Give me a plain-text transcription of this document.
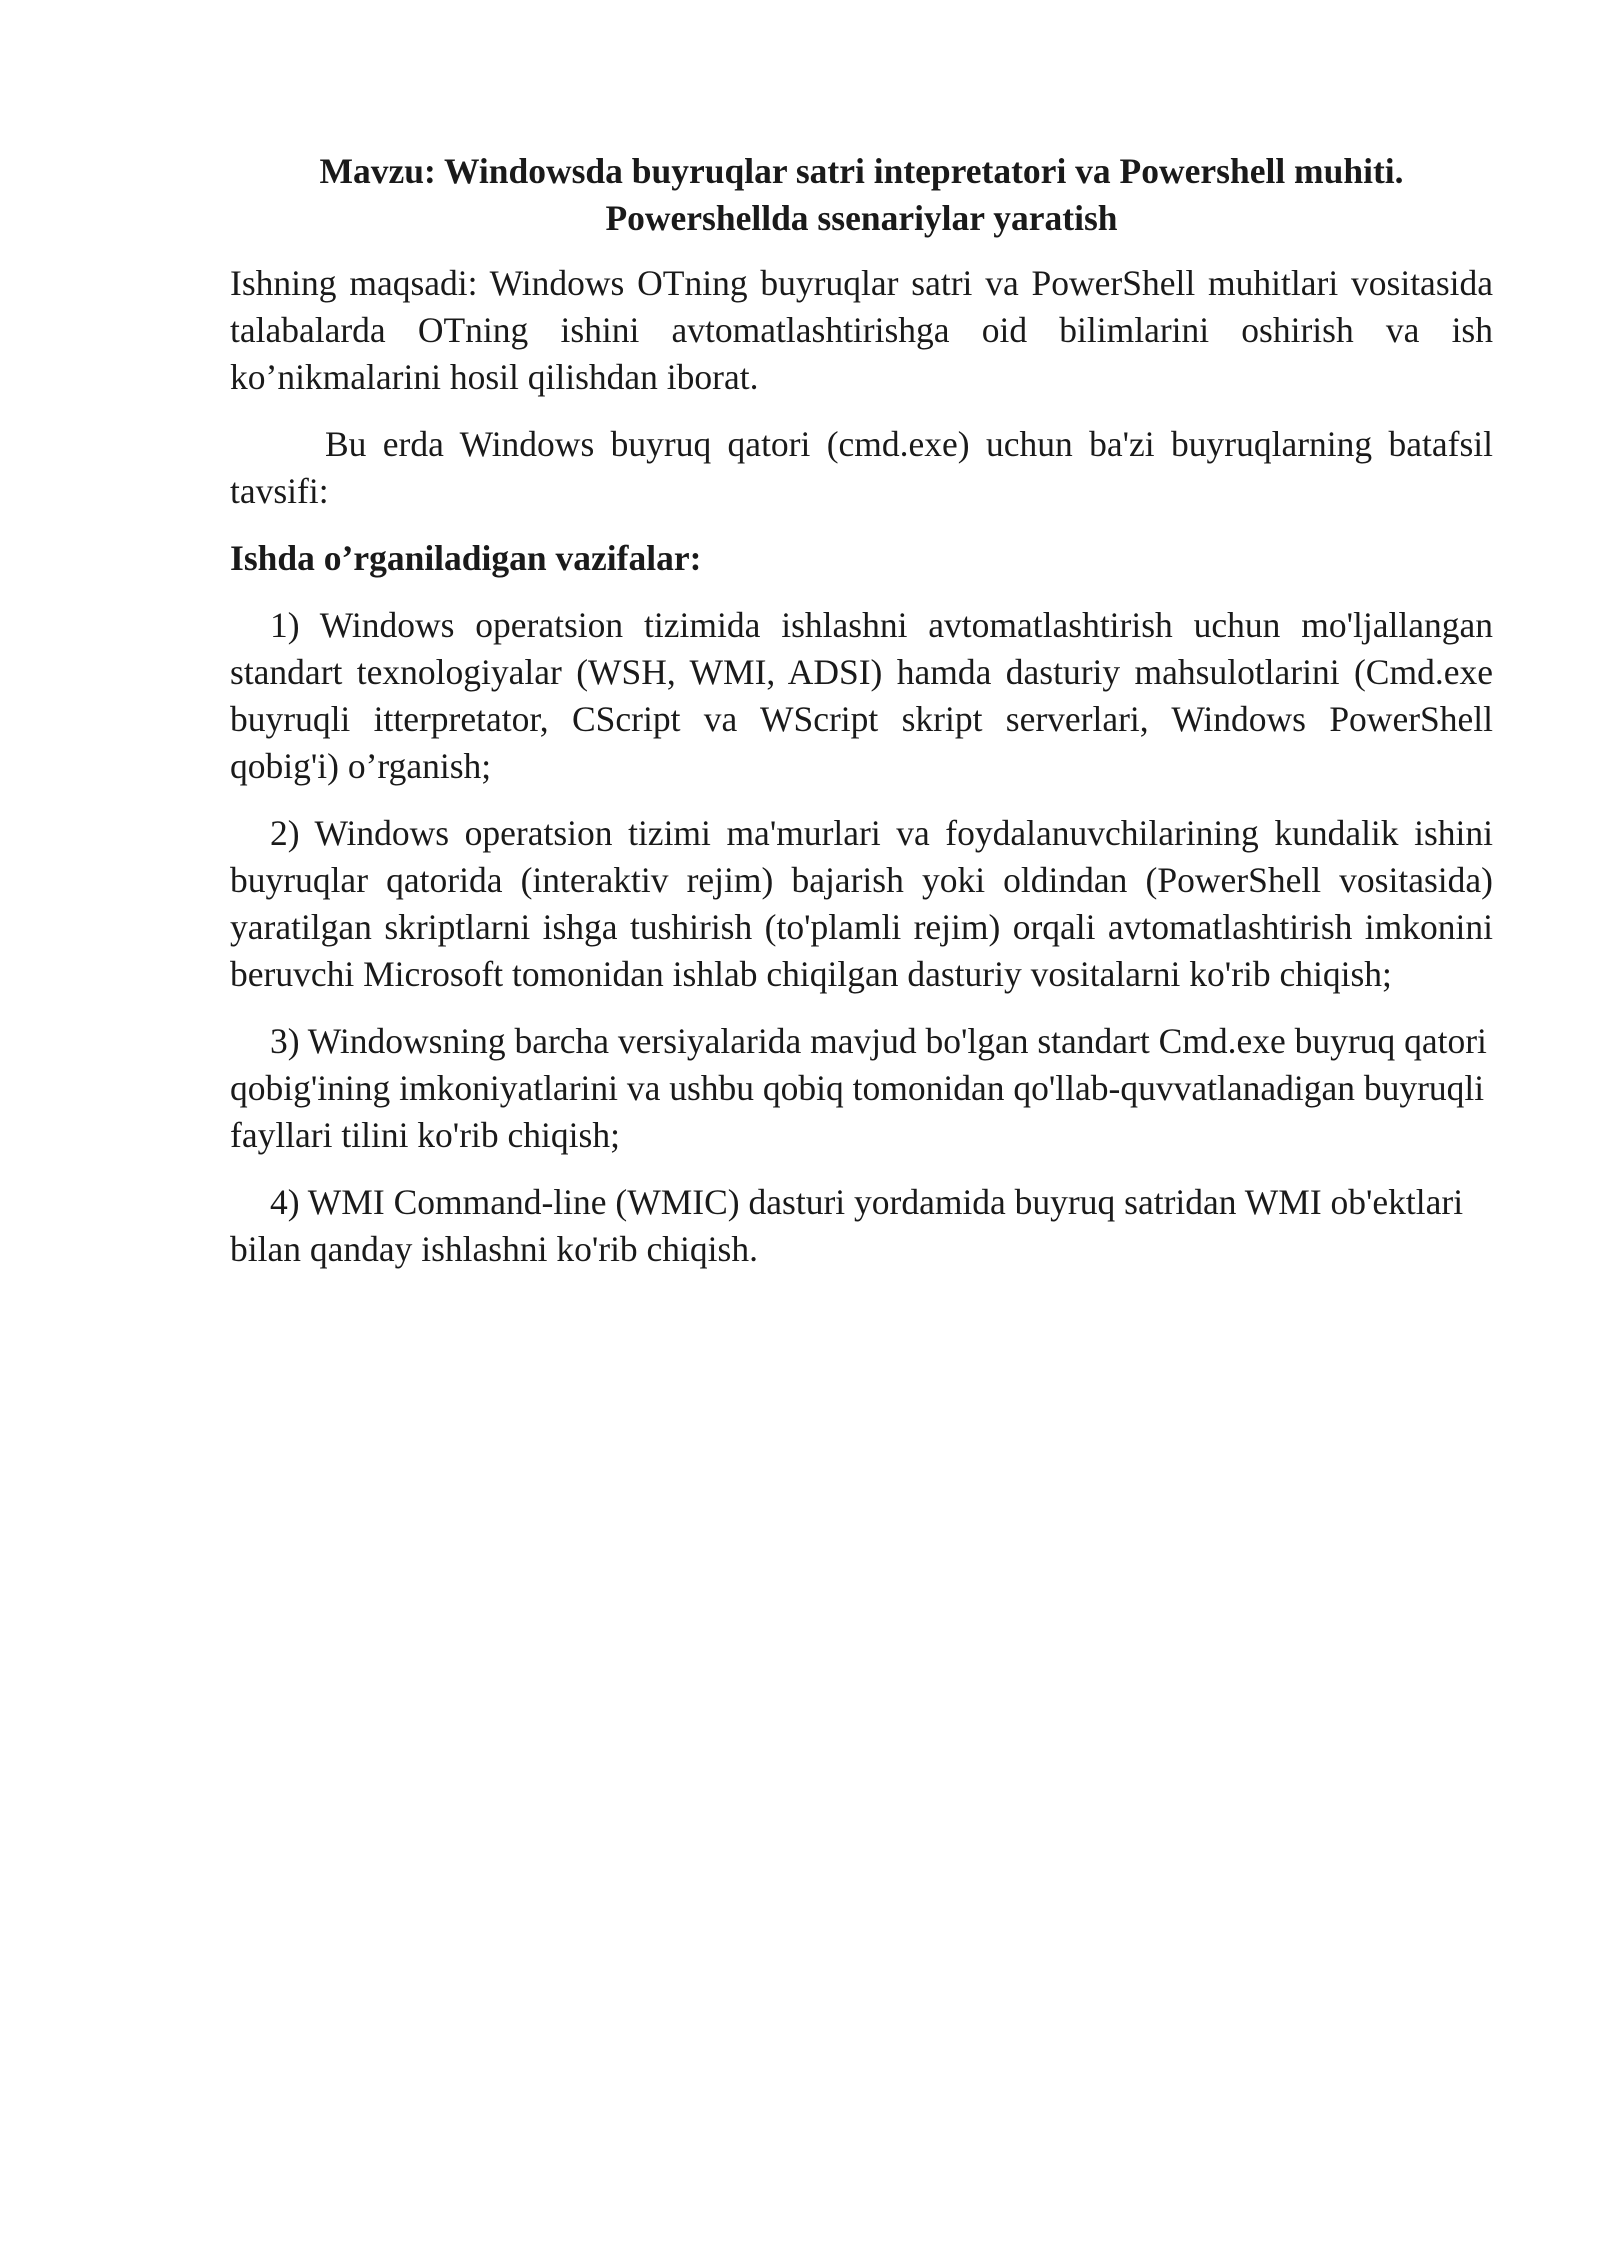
Mavzu: Windowsda buyruqlar satri intepretatori va Powershell muhiti.
Powershellda ssenariylar yaratish

Ishning maqsadi: Windows OTning buyruqlar satri va PowerShell muhitlari vositasida talabalarda OTning ishini avtomatlashtirishga oid bilimlarini oshirish va ish ko’nikmalarini hosil qilishdan iborat.

Bu erda Windows buyruq qatori (cmd.exe) uchun ba'zi buyruqlarning batafsil tavsifi:

Ishda o’rganiladigan vazifalar:

1) Windows operatsion tizimida ishlashni avtomatlashtirish uchun mo'ljallangan standart texnologiyalar (WSH, WMI, ADSI) hamda dasturiy mahsulotlarini (Cmd.exe buyruqli itterpretator, CScript va WScript skript serverlari, Windows PowerShell qobig'i) o’rganish;

2) Windows operatsion tizimi ma'murlari va foydalanuvchilarining kundalik ishini buyruqlar qatorida (interaktiv rejim) bajarish yoki oldindan (PowerShell vositasida) yaratilgan skriptlarni ishga tushirish (to'plamli rejim) orqali avtomatlashtirish imkonini beruvchi Microsoft tomonidan ishlab chiqilgan dasturiy vositalarni ko'rib chiqish;

3) Windowsning barcha versiyalarida mavjud bo'lgan standart Cmd.exe buyruq qatori qobig'ining imkoniyatlarini va ushbu qobiq tomonidan qo'llab-quvvatlanadigan buyruqli fayllari tilini ko'rib chiqish;

4) WMI Command-line (WMIC) dasturi yordamida buyruq satridan WMI ob'ektlari bilan qanday ishlashni ko'rib chiqish.
